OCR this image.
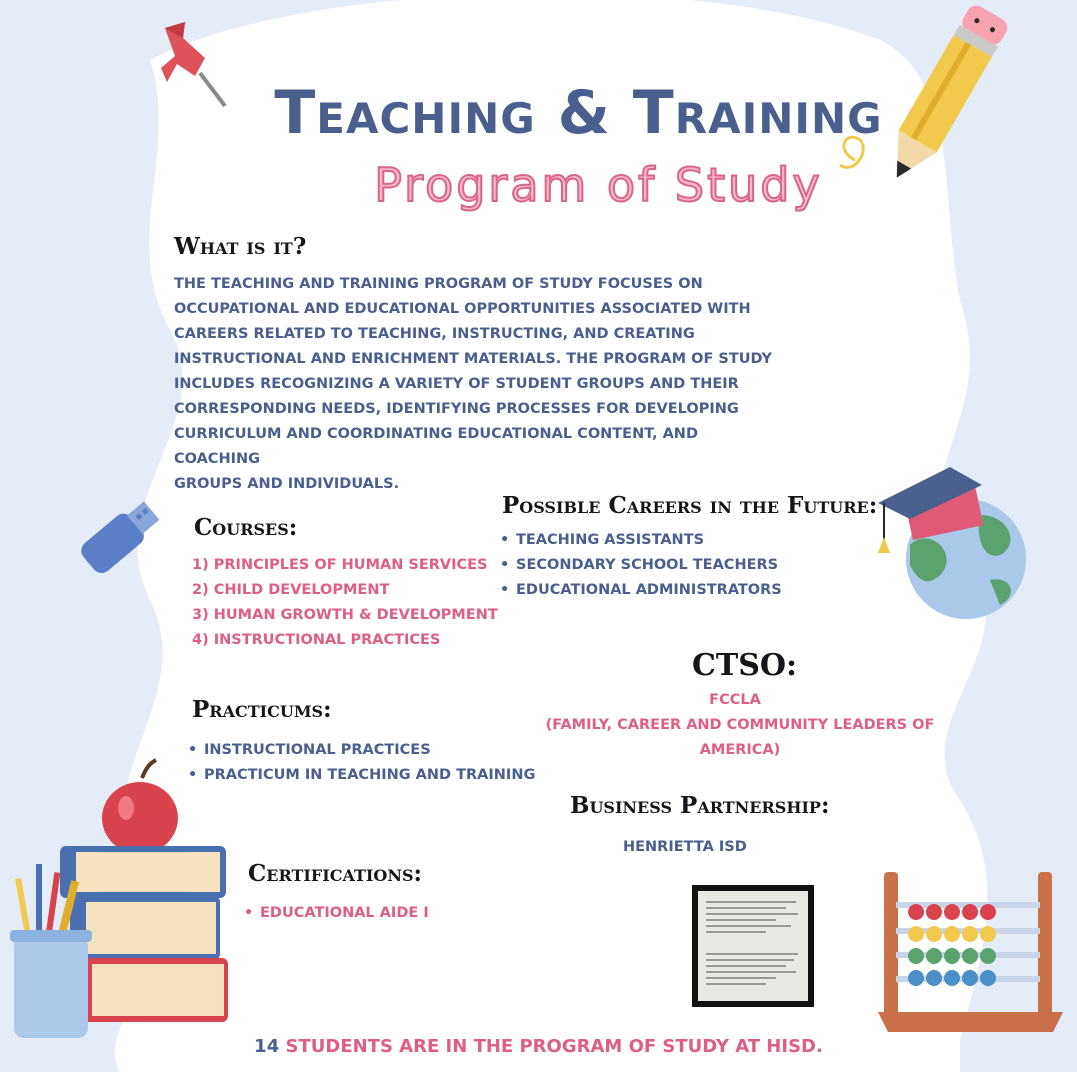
Teaching & Training
Program of Study
What is it?
THE TEACHING AND TRAINING PROGRAM OF STUDY FOCUSES ON
OCCUPATIONAL AND EDUCATIONAL OPPORTUNITIES ASSOCIATED WITH
CAREERS RELATED TO TEACHING, INSTRUCTING, AND CREATING
INSTRUCTIONAL AND ENRICHMENT MATERIALS. THE PROGRAM OF STUDY
INCLUDES RECOGNIZING A VARIETY OF STUDENT GROUPS AND THEIR
CORRESPONDING NEEDS, IDENTIFYING PROCESSES FOR DEVELOPING
CURRICULUM AND COORDINATING EDUCATIONAL CONTENT, AND COACHING
GROUPS AND INDIVIDUALS.
Courses:
1) PRINCIPLES OF HUMAN SERVICES
2) CHILD DEVELOPMENT
3) HUMAN GROWTH & DEVELOPMENT
4) INSTRUCTIONAL PRACTICES
Possible Careers in the Future:
• TEACHING ASSISTANTS
• SECONDARY SCHOOL TEACHERS
• EDUCATIONAL ADMINISTRATORS
CTSO:
FCCLA
(FAMILY, CAREER AND COMMUNITY LEADERS OF AMERICA)
Practicums:
• INSTRUCTIONAL PRACTICES
• PRACTICUM IN TEACHING AND TRAINING
Business Partnership:
HENRIETTA ISD
Certifications:
• EDUCATIONAL AIDE I
14 STUDENTS ARE IN THE PROGRAM OF STUDY AT HISD.
